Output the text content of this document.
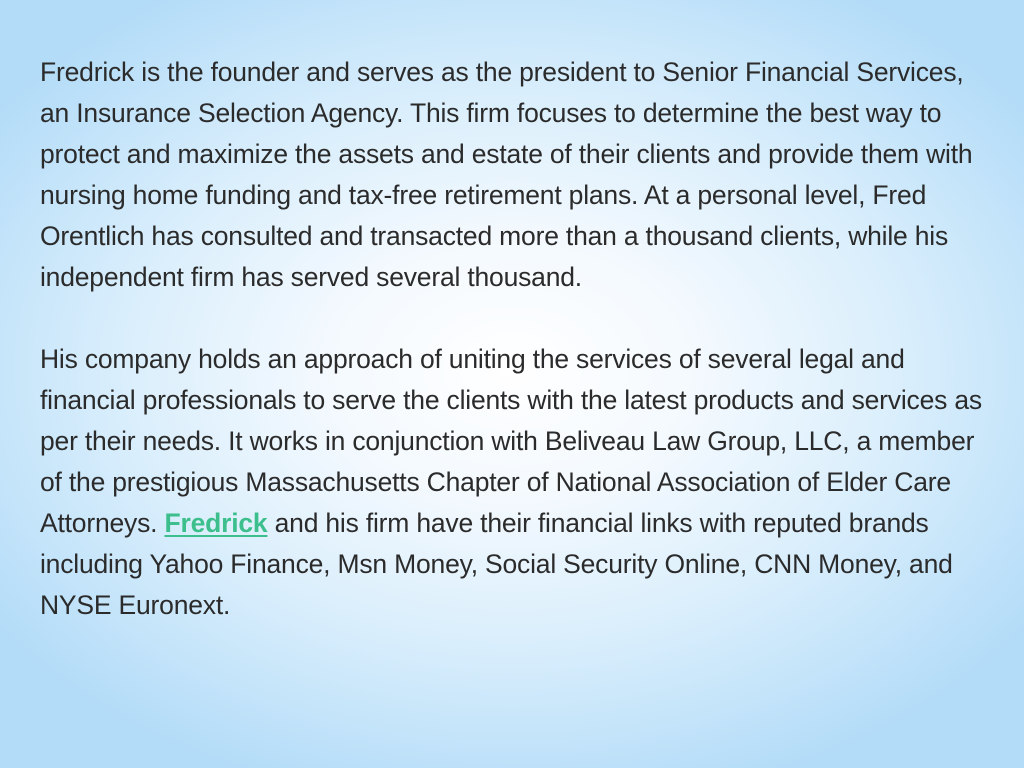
Fredrick is the founder and serves as the president to Senior Financial Services, an Insurance Selection Agency. This firm focuses to determine the best way to protect and maximize the assets and estate of their clients and provide them with nursing home funding and tax-free retirement plans. At a personal level, Fred Orentlich has consulted and transacted more than a thousand clients, while his independent firm has served several thousand.

His company holds an approach of uniting the services of several legal and financial professionals to serve the clients with the latest products and services as per their needs. It works in conjunction with Beliveau Law Group, LLC, a member of the prestigious Massachusetts Chapter of National Association of Elder Care Attorneys. Fredrick and his firm have their financial links with reputed brands including Yahoo Finance, Msn Money, Social Security Online, CNN Money, and NYSE Euronext.
